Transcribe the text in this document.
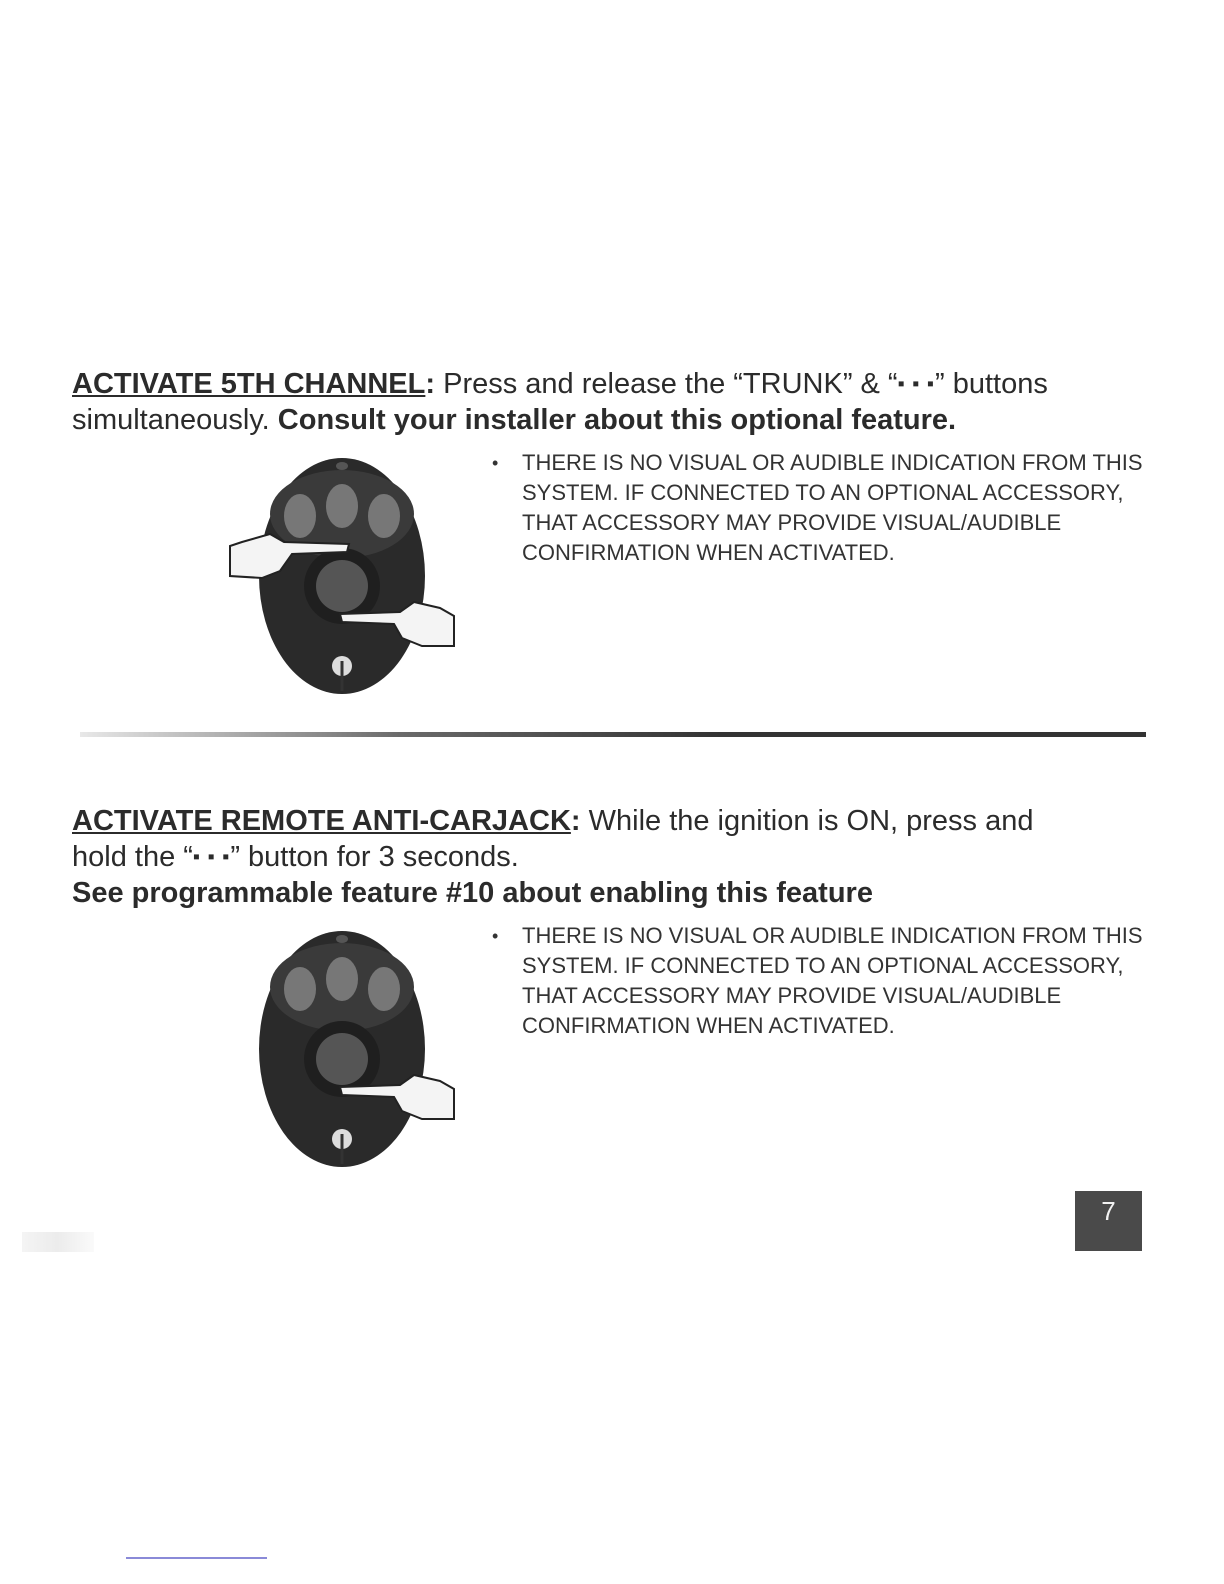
ACTIVATE 5TH CHANNEL: Press and release the “TRUNK” & “▪ ▪ ▪” buttons

simultaneously. Consult your installer about this optional feature.

• THERE IS NO VISUAL OR AUDIBLE INDICATION FROM THIS SYSTEM. IF CONNECTED TO AN OPTIONAL ACCESSORY, THAT ACCESSORY MAY PROVIDE VISUAL/AUDIBLE CONFIRMATION WHEN ACTIVATED.

ACTIVATE REMOTE ANTI-CARJACK: While the ignition is ON, press and

hold the “▪ ▪ ▪” button for 3 seconds.

See programmable feature #10 about enabling this feature

• THERE IS NO VISUAL OR AUDIBLE INDICATION FROM THIS SYSTEM. IF CONNECTED TO AN OPTIONAL ACCESSORY, THAT ACCESSORY MAY PROVIDE VISUAL/AUDIBLE CONFIRMATION WHEN ACTIVATED.
7
